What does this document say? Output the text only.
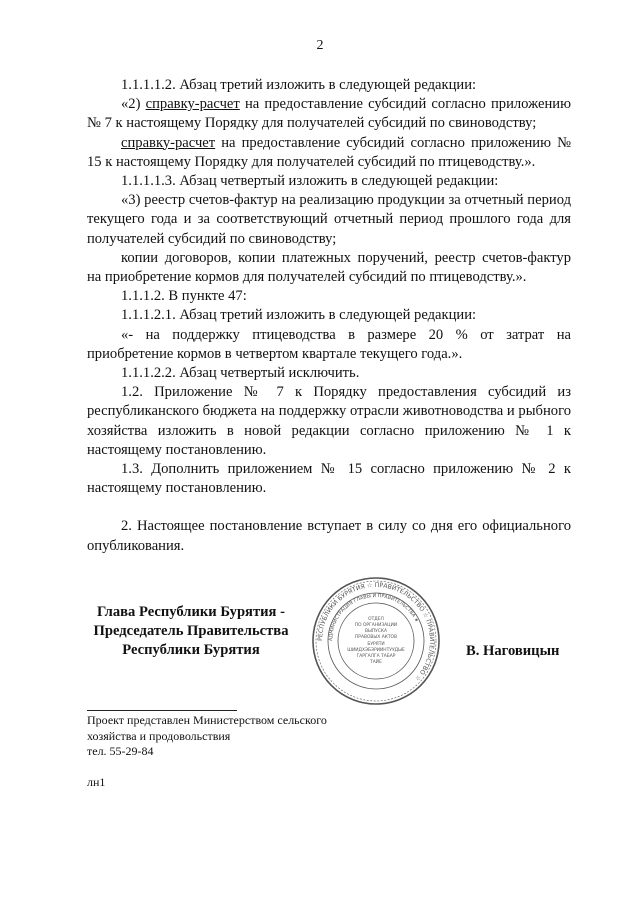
2

1.1.1.1.2. Абзац третий изложить в следующей редакции:

«2) справку-расчет на предоставление субсидий согласно приложению № 7 к настоящему Порядку для получателей субсидий по свиноводству;

справку-расчет на предоставление субсидий согласно приложению № 15 к настоящему Порядку для получателей субсидий по птицеводству.».

1.1.1.1.3. Абзац четвертый изложить в следующей редакции:

«3) реестр счетов-фактур на реализацию продукции за отчетный период текущего года и за соответствующий отчетный период прошлого года для получателей субсидий по свиноводству;

копии договоров, копии платежных поручений, реестр счетов-фактур на приобретение кормов для получателей субсидий по птицеводству.».

1.1.1.2. В пункте 47:

1.1.1.2.1. Абзац третий изложить в следующей редакции:

«- на поддержку птицеводства в размере 20 % от затрат на приобретение кормов в четвертом квартале текущего года.».

1.1.1.2.2. Абзац четвертый исключить.

1.2. Приложение № 7 к Порядку предоставления субсидий из республиканского бюджета на поддержку отрасли животноводства и рыбного хозяйства изложить в новой редакции согласно приложению № 1 к настоящему постановлению.

1.3. Дополнить приложением № 15 согласно приложению № 2 к настоящему постановлению.

2. Настоящее постановление вступает в силу со дня его официального опубликования.

Глава Республики Бурятия -
Председатель Правительства
Республики Бурятия
РЕСПУБЛИКИ БУРЯТИЯ ☆ ПРАВИТЕЛЬСТВО ☆ ПРАВИТЕЛЬСТВО ☆
АДМИНИСТРАЦИЯ ГЛАВЫ И ПРАВИТЕЛЬСТВА ★
ОТДЕЛ
ПО ОРГАНИЗАЦИИ
ВЫПУСКА
ПРАВОВЫХ АКТОВ
БУРЯТИ
ШИИДХЭБЭРИИНТУУДЫЕ
ГАРГАЛГА ТАБАР
ТАЙЕ
В. Наговицын
Проект представлен Министерством сельского
хозяйства и продовольствия
тел. 55-29-84
лн1
